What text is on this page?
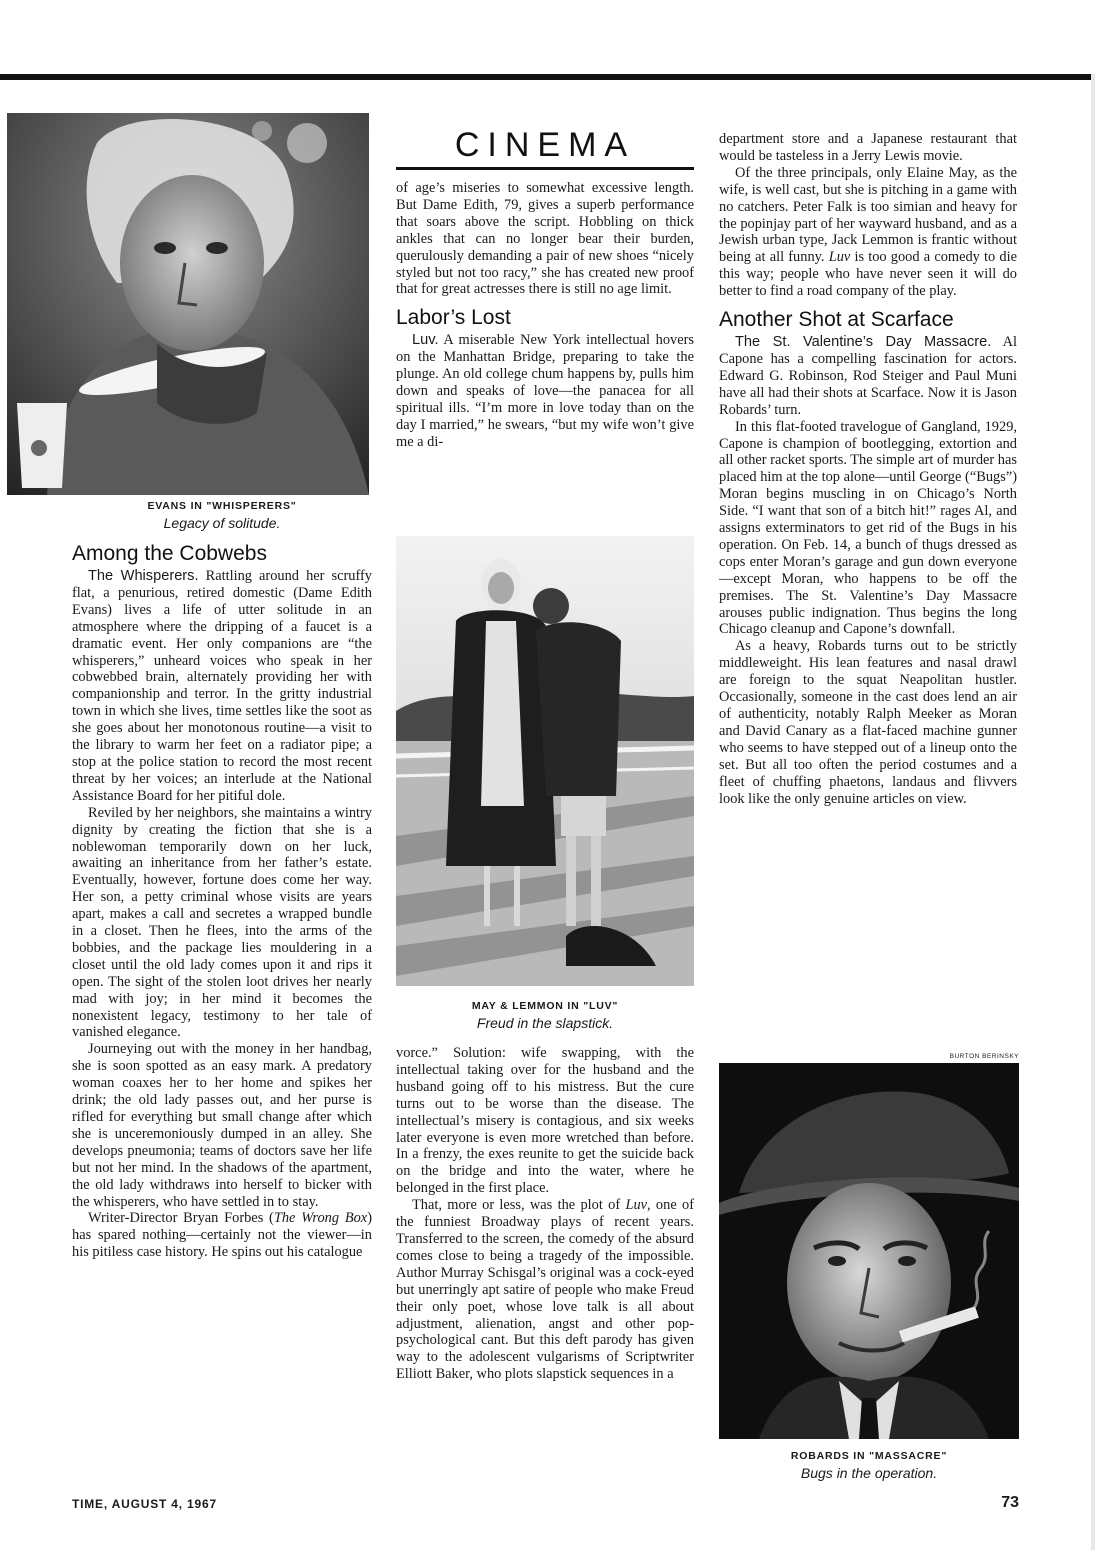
EVANS IN "WHISPERERS"
Legacy of solitude.
Among the Cobwebs

The Whisperers. Rattling around her scruffy flat, a penurious, retired domestic (Dame Edith Evans) lives a life of utter solitude in an atmosphere where the dripping of a faucet is a dramatic event. Her only companions are “the whisperers,” unheard voices who speak in her cobwebbed brain, alternately providing her with companionship and terror. In the gritty industrial town in which she lives, time settles like the soot as she goes about her monotonous routine—a visit to the library to warm her feet on a radiator pipe; a stop at the police station to record the most recent threat by her voices; an interlude at the National Assistance Board for her pitiful dole.

Reviled by her neighbors, she maintains a wintry dignity by creating the fiction that she is a noblewoman temporarily down on her luck, awaiting an inheritance from her father’s estate. Eventually, however, fortune does come her way. Her son, a petty criminal whose visits are years apart, makes a call and secretes a wrapped bundle in a closet. Then he flees, into the arms of the bobbies, and the package lies mouldering in a closet until the old lady comes upon it and rips it open. The sight of the stolen loot drives her nearly mad with joy; in her mind it becomes the nonexistent legacy, testimony to her tale of vanished elegance.

Journeying out with the money in her handbag, she is soon spotted as an easy mark. A predatory woman coaxes her to her home and spikes her drink; the old lady passes out, and her purse is rifled for everything but small change after which she is unceremoniously dumped in an alley. She develops pneumonia; teams of doctors save her life but not her mind. In the shadows of the apartment, the old lady withdraws into herself to bicker with the whisperers, who have settled in to stay.

Writer-Director Bryan Forbes (The Wrong Box) has spared nothing—certainly not the viewer—in his pitiless case history. He spins out his catalogue

CINEMA

of age’s miseries to somewhat excessive length. But Dame Edith, 79, gives a superb performance that soars above the script. Hobbling on thick ankles that can no longer bear their burden, querulously demanding a pair of new shoes “nicely styled but not too racy,” she has created new proof that for great actresses there is still no age limit.

Labor’s Lost

Luv. A miserable New York intellectual hovers on the Manhattan Bridge, preparing to take the plunge. An old college chum happens by, pulls him down and speaks of love—the panacea for all spiritual ills. “I’m more in love today than on the day I married,” he swears, “but my wife won’t give me a di-

MAY & LEMMON IN "LUV"
Freud in the slapstick.

vorce.” Solution: wife swapping, with the intellectual taking over for the husband and the husband going off to his mistress. But the cure turns out to be worse than the disease. The intellectual’s misery is contagious, and six weeks later everyone is even more wretched than before. In a frenzy, the exes reunite to get the suicide back on the bridge and into the water, where he belonged in the first place.

That, more or less, was the plot of Luv, one of the funniest Broadway plays of recent years. Transferred to the screen, the comedy of the absurd comes close to being a tragedy of the impossible. Author Murray Schisgal’s original was a cock-eyed but unerringly apt satire of people who make Freud their only poet, whose love talk is all about adjustment, alienation, angst and other pop-psychological cant. But this deft parody has given way to the adolescent vulgarisms of Scriptwriter Elliott Baker, who plots slapstick sequences in a

department store and a Japanese restaurant that would be tasteless in a Jerry Lewis movie.

Of the three principals, only Elaine May, as the wife, is well cast, but she is pitching in a game with no catchers. Peter Falk is too simian and heavy for the popinjay part of her wayward husband, and as a Jewish urban type, Jack Lemmon is frantic without being at all funny. Luv is too good a comedy to die this way; people who have never seen it will do better to find a road company of the play.

Another Shot at Scarface

The St. Valentine’s Day Massacre. Al Capone has a compelling fascination for actors. Edward G. Robinson, Rod Steiger and Paul Muni have all had their shots at Scarface. Now it is Jason Robards’ turn.

In this flat-footed travelogue of Gangland, 1929, Capone is champion of bootlegging, extortion and all other racket sports. The simple art of murder has placed him at the top alone—until George (“Bugs”) Moran begins muscling in on Chicago’s North Side. “I want that son of a bitch hit!” rages Al, and assigns exterminators to get rid of the Bugs in his operation. On Feb. 14, a bunch of thugs dressed as cops enter Moran’s garage and gun down everyone—except Moran, who happens to be off the premises. The St. Valentine’s Day Massacre arouses public indignation. Thus begins the long Chicago cleanup and Capone’s downfall.

As a heavy, Robards turns out to be strictly middleweight. His lean features and nasal drawl are foreign to the squat Neapolitan hustler. Occasionally, someone in the cast does lend an air of authenticity, notably Ralph Meeker as Moran and David Canary as a flat-faced machine gunner who seems to have stepped out of a lineup onto the set. But all too often the period costumes and a fleet of chuffing phaetons, landaus and flivvers look like the only genuine articles on view.

BURTON BERINSKY
ROBARDS IN "MASSACRE"
Bugs in the operation.
TIME, AUGUST 4, 1967	73
